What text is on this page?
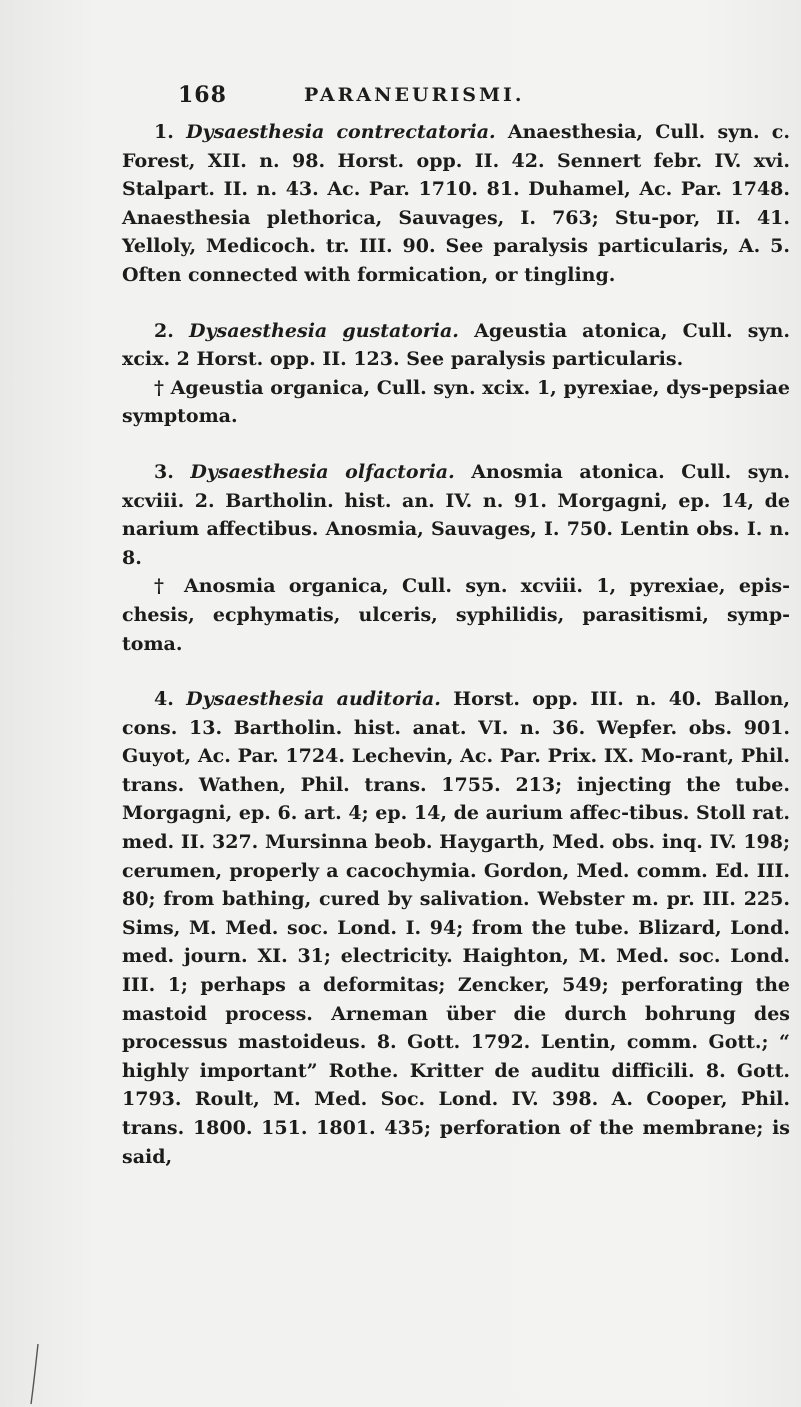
168	PARANEURISMI.

1. Dysaesthesia contrectatoria. Anaesthesia, Cull. syn. c. Forest, XII. n. 98. Horst. opp. II. 42. Sennert febr. IV. xvi. Stalpart. II. n. 43. Ac. Par. 1710. 81. Duhamel, Ac. Par. 1748. Anaesthesia plethorica, Sauvages, I. 763; Stu-por, II. 41. Yelloly, Medicoch. tr. III. 90. See paralysis particularis, A. 5. Often connected with formication, or tingling.

2. Dysaesthesia gustatoria. Ageustia atonica, Cull. syn. xcix. 2 Horst. opp. II. 123. See paralysis particularis.

† Ageustia organica, Cull. syn. xcix. 1, pyrexiae, dys-pepsiae symptoma.

3. Dysaesthesia olfactoria. Anosmia atonica. Cull. syn. xcviii. 2. Bartholin. hist. an. IV. n. 91. Morgagni, ep. 14, de narium affectibus. Anosmia, Sauvages, I. 750. Lentin obs. I. n. 8.

† Anosmia organica, Cull. syn. xcviii. 1, pyrexiae, epis-chesis, ecphymatis, ulceris, syphilidis, parasitismi, symp-toma.

4. Dysaesthesia auditoria. Horst. opp. III. n. 40. Ballon, cons. 13. Bartholin. hist. anat. VI. n. 36. Wepfer. obs. 901. Guyot, Ac. Par. 1724. Lechevin, Ac. Par. Prix. IX. Mo-rant, Phil. trans. Wathen, Phil. trans. 1755. 213; injecting the tube. Morgagni, ep. 6. art. 4; ep. 14, de aurium affec-tibus. Stoll rat. med. II. 327. Mursinna beob. Haygarth, Med. obs. inq. IV. 198; cerumen, properly a cacochymia. Gordon, Med. comm. Ed. III. 80; from bathing, cured by salivation. Webster m. pr. III. 225. Sims, M. Med. soc. Lond. I. 94; from the tube. Blizard, Lond. med. journ. XI. 31; electricity. Haighton, M. Med. soc. Lond. III. 1; perhaps a deformitas; Zencker, 549; perforating the mastoid process. Arneman über die durch bohrung des processus mastoideus. 8. Gott. 1792. Lentin, comm. Gott.; “ highly important” Rothe. Kritter de auditu difficili. 8. Gott. 1793. Roult, M. Med. Soc. Lond. IV. 398. A. Cooper, Phil. trans. 1800. 151. 1801. 435; perforation of the membrane; is said,
